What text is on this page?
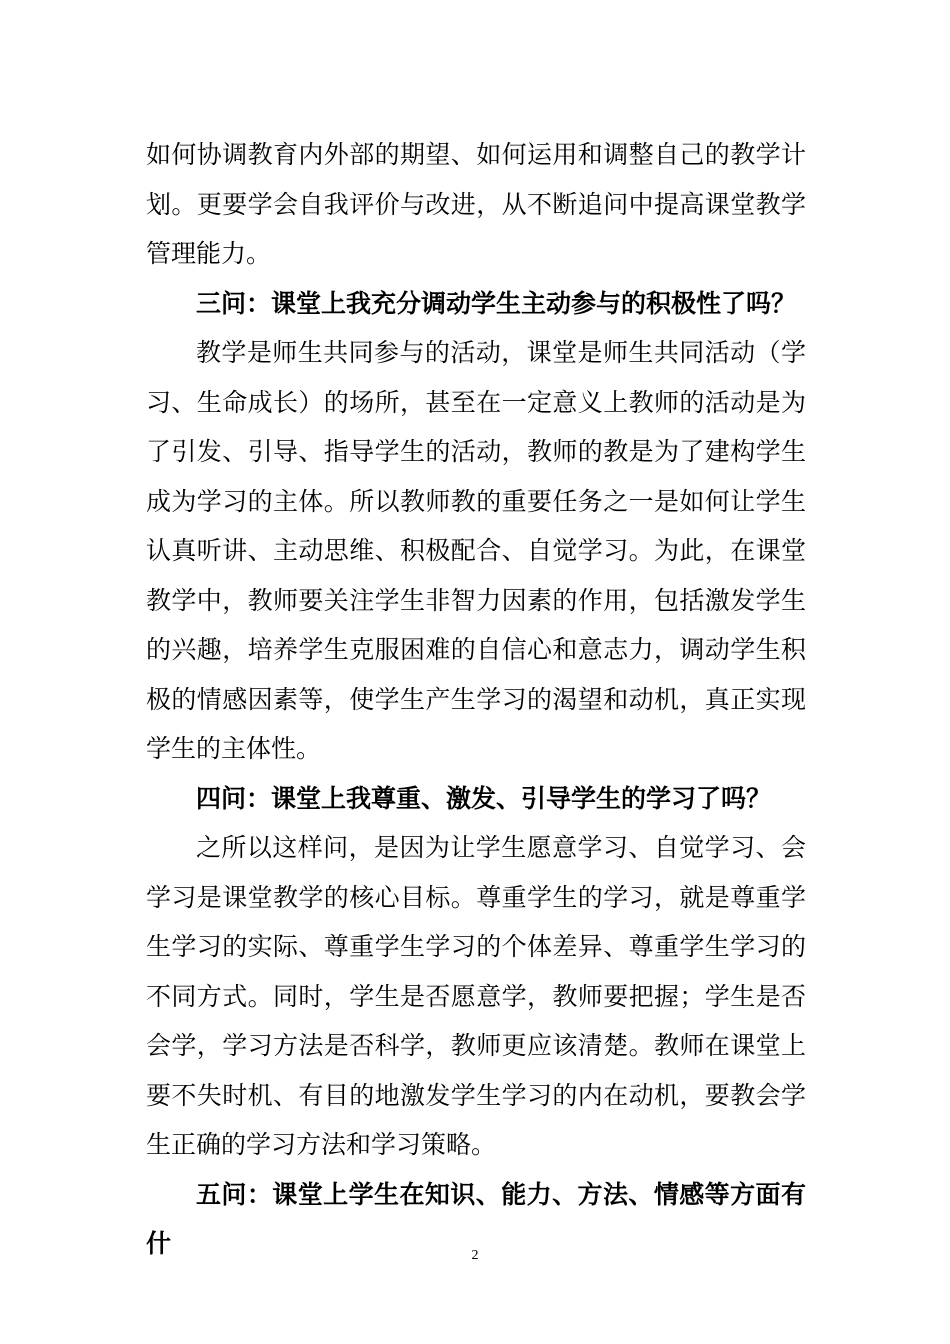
如何协调教育内外部的期望、如何运用和调整自己的教学计划。更要学会自我评价与改进，从不断追问中提高课堂教学管理能力。

三问：课堂上我充分调动学生主动参与的积极性了吗？

教学是师生共同参与的活动，课堂是师生共同活动（学习、生命成长）的场所，甚至在一定意义上教师的活动是为了引发、引导、指导学生的活动，教师的教是为了建构学生成为学习的主体。所以教师教的重要任务之一是如何让学生认真听讲、主动思维、积极配合、自觉学习。为此，在课堂教学中，教师要关注学生非智力因素的作用，包括激发学生的兴趣，培养学生克服困难的自信心和意志力，调动学生积极的情感因素等，使学生产生学习的渴望和动机，真正实现学生的主体性。

四问：课堂上我尊重、激发、引导学生的学习了吗？

之所以这样问，是因为让学生愿意学习、自觉学习、会学习是课堂教学的核心目标。尊重学生的学习，就是尊重学生学习的实际、尊重学生学习的个体差异、尊重学生学习的不同方式。同时，学生是否愿意学，教师要把握；学生是否会学，学习方法是否科学，教师更应该清楚。教师在课堂上要不失时机、有目的地激发学生学习的内在动机，要教会学生正确的学习方法和学习策略。

五问：课堂上学生在知识、能力、方法、情感等方面有什	2
